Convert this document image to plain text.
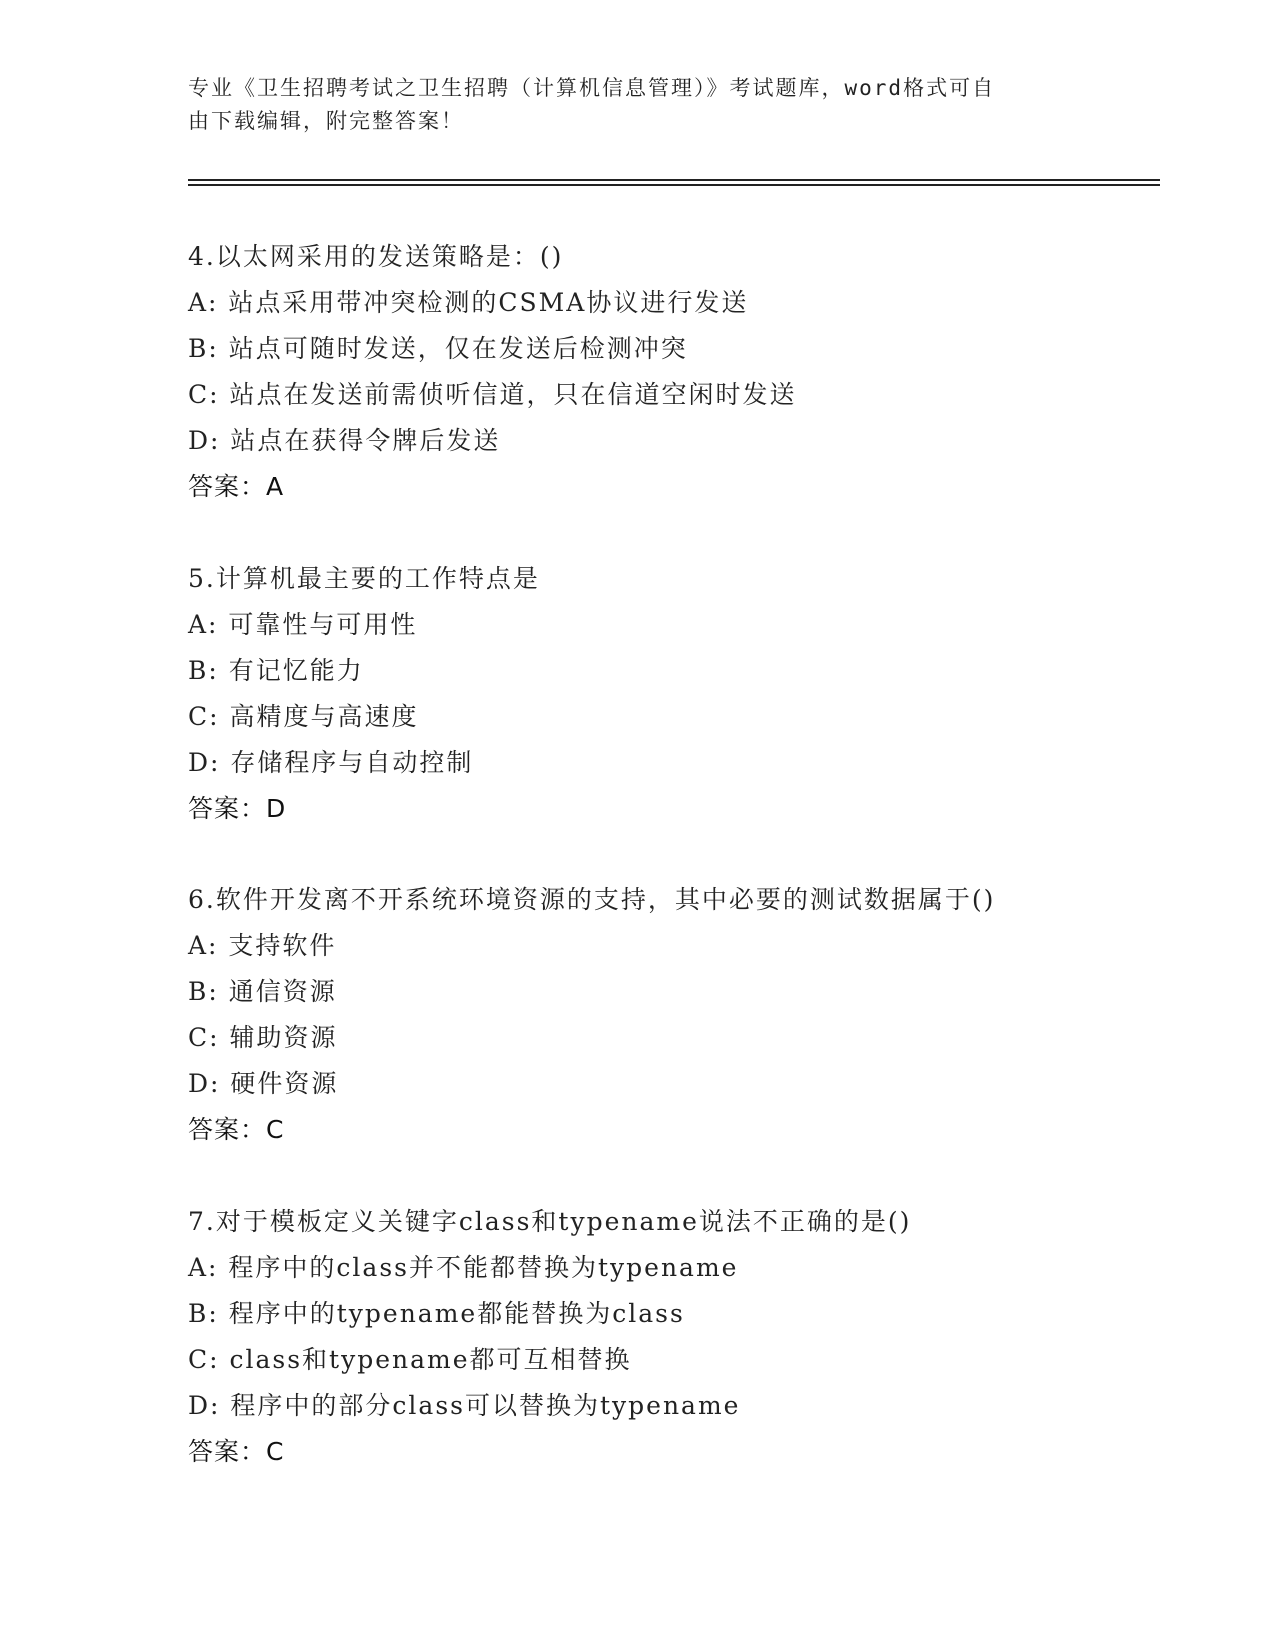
专业《卫生招聘考试之卫生招聘（计算机信息管理）》考试题库，word格式可自
由下载编辑，附完整答案！
4.以太网采用的发送策略是：()
A: 站点采用带冲突检测的CSMA协议进行发送
B: 站点可随时发送，仅在发送后检测冲突
C: 站点在发送前需侦听信道，只在信道空闲时发送
D: 站点在获得令牌后发送
答案：A
5.计算机最主要的工作特点是
A: 可靠性与可用性
B: 有记忆能力
C: 高精度与高速度
D: 存储程序与自动控制
答案：D
6.软件开发离不开系统环境资源的支持，其中必要的测试数据属于()
A: 支持软件
B: 通信资源
C: 辅助资源
D: 硬件资源
答案：C
7.对于模板定义关键字class和typename说法不正确的是()
A: 程序中的class并不能都替换为typename
B: 程序中的typename都能替换为class
C: class和typename都可互相替换
D: 程序中的部分class可以替换为typename
答案：C
